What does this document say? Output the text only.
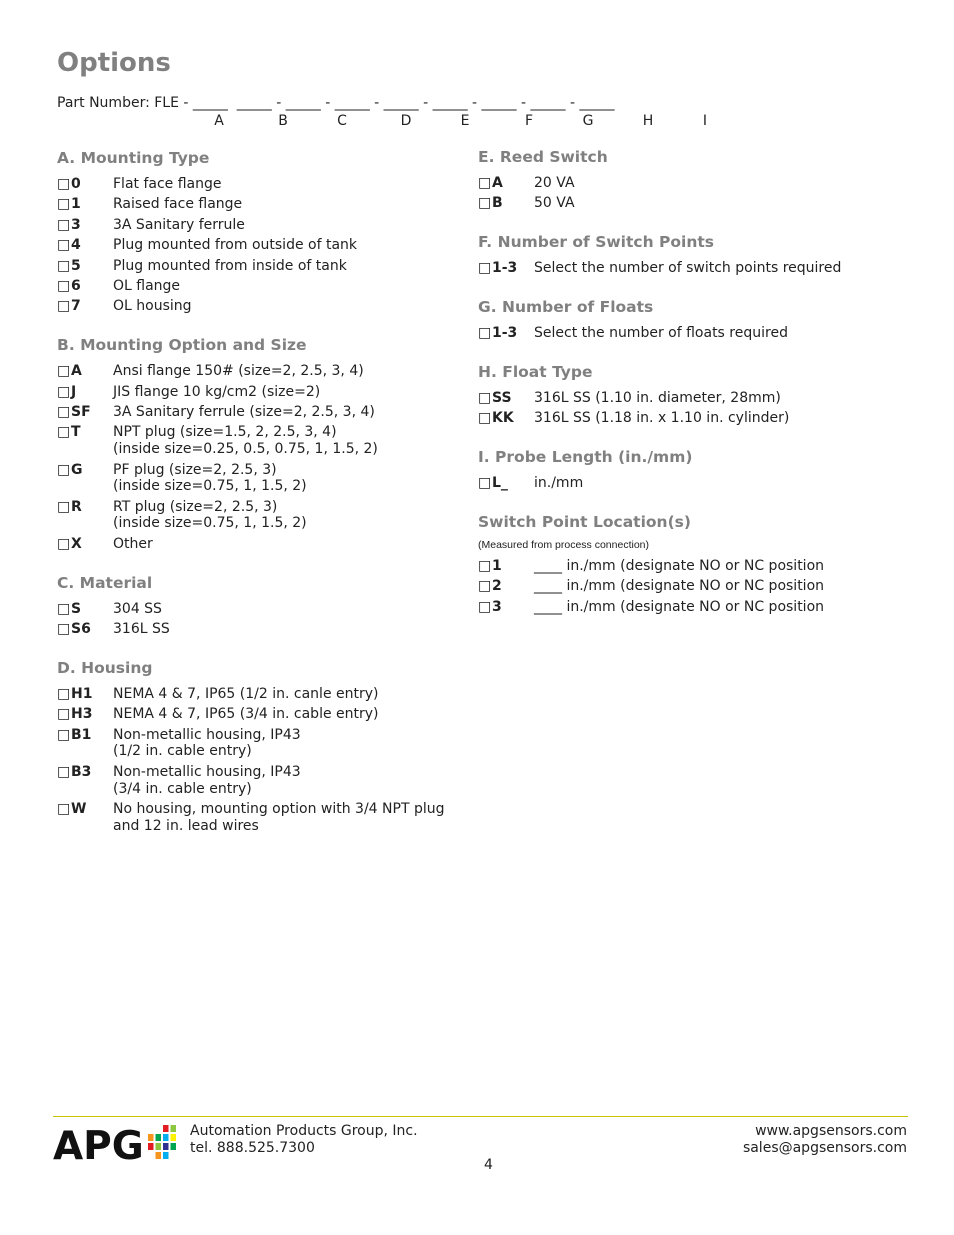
Options
Part Number: FLE - _____  _____ - _____ - _____ - _____ - _____ - _____ - _____ - _____
A	B	C	D	E	F	G	H	I
A. Mounting Type
□ 0	Flat face flange
□ 1	Raised face flange
□ 3	3A Sanitary ferrule
□ 4	Plug mounted from outside of tank
□ 5	Plug mounted from inside of tank
□ 6	OL flange
□ 7	OL housing
B. Mounting Option and Size
□ A	Ansi flange 150# (size=2, 2.5, 3, 4)
□ J	JIS flange 10 kg/cm2 (size=2)
□ SF	3A Sanitary ferrule (size=2, 2.5, 3, 4)
□ T	NPT plug (size=1.5, 2, 2.5, 3, 4)
(inside size=0.25, 0.5, 0.75, 1, 1.5, 2)
□ G	PF plug (size=2, 2.5, 3)
(inside size=0.75, 1, 1.5, 2)
□ R	RT plug (size=2, 2.5, 3)
(inside size=0.75, 1, 1.5, 2)
□ X	Other
C. Material
□ S	304 SS
□ S6	316L SS
D. Housing
□ H1	NEMA 4 & 7, IP65 (1/2 in. canle entry)
□ H3	NEMA 4 & 7, IP65 (3/4 in. cable entry)
□ B1	Non-metallic housing, IP43
(1/2 in. cable entry)
□ B3	Non-metallic housing, IP43
(3/4 in. cable entry)
□ W	No housing, mounting option with 3/4 NPT plug
and 12 in. lead wires
E. Reed Switch
□ A	20 VA
□ B	50 VA
F. Number of Switch Points
□ 1-3	Select the number of switch points required
G. Number of Floats
□ 1-3	Select the number of floats required
H. Float Type
□ SS	316L SS (1.10 in. diameter, 28mm)
□ KK	316L SS (1.18 in. x 1.10 in. cylinder)
I. Probe Length (in./mm)
□ L_	in./mm
Switch Point Location(s)
(Measured from process connection)
□ 1	____ in./mm (designate NO or NC position
□ 2	____ in./mm (designate NO or NC position
□ 3	____ in./mm (designate NO or NC position
APG	Automation Products Group, Inc.
tel. 888.525.7300
www.apgsensors.com
sales@apgsensors.com
4
